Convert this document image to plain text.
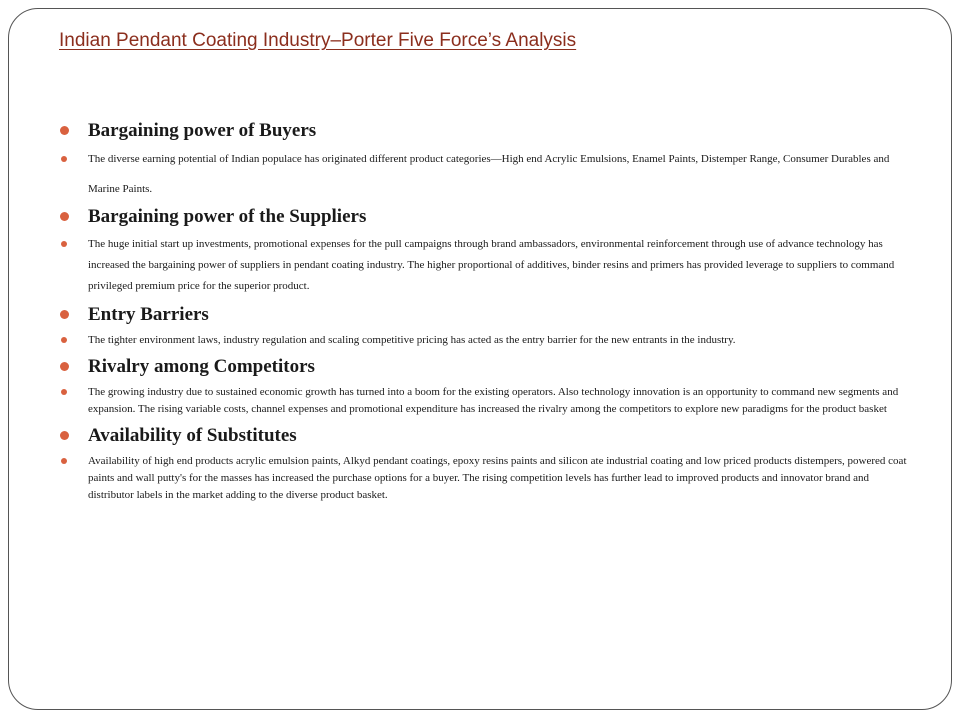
Indian Pendant Coating Industry–Porter Five Force’s Analysis

Bargaining power of Buyers

The diverse earning potential of Indian populace has originated different product categories—High end Acrylic Emulsions, Enamel Paints, Distemper Range, Consumer Durables and Marine Paints.

Bargaining power of the Suppliers

The huge initial start up investments, promotional expenses for the pull campaigns through brand ambassadors, environmental reinforcement through use of advance technology has increased the bargaining power of suppliers in pendant coating industry. The higher proportional of additives, binder resins and primers has provided leverage to suppliers to command privileged premium price for the superior product.

Entry Barriers

The tighter environment laws, industry regulation and scaling competitive pricing has acted as the entry barrier for the new entrants in the industry.

Rivalry among Competitors

The growing industry due to sustained economic growth has turned into a boom for the existing operators. Also technology innovation is an opportunity to command new segments and expansion. The rising variable costs, channel expenses and promotional expenditure has increased the rivalry among the competitors to explore new paradigms for the product basket

Availability of Substitutes

Availability of high end products acrylic emulsion paints, Alkyd pendant coatings, epoxy resins paints and silicon ate industrial coating and low priced products distempers, powered coat paints and wall putty's for the masses has increased the purchase options for a buyer. The rising competition levels has further lead to improved products and innovator brand and distributor labels in the market adding to the diverse product basket.
